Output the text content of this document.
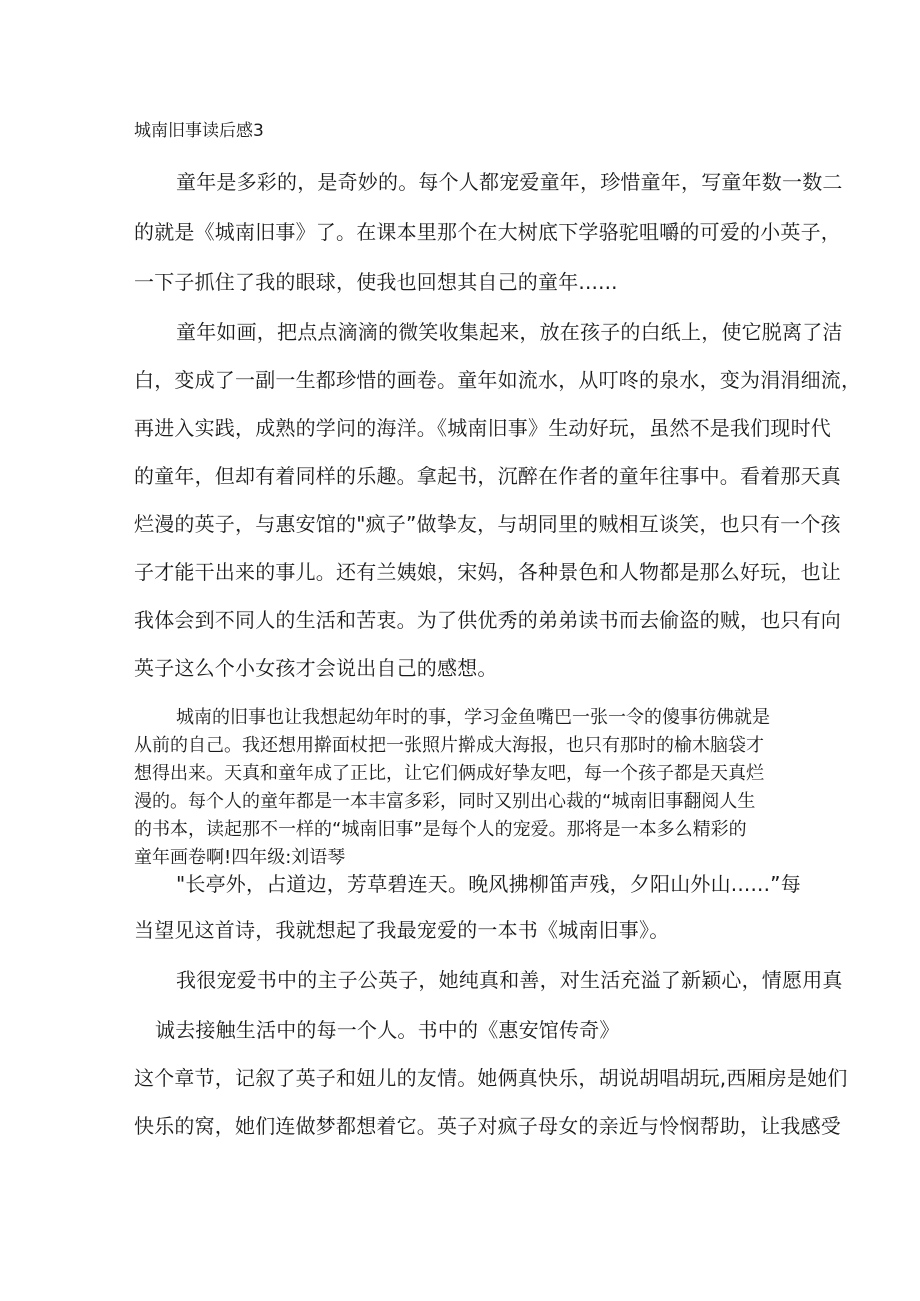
城南旧事读后感3
童年是多彩的，是奇妙的。每个人都宠爱童年，珍惜童年，写童年数一数二
的就是《城南旧事》了。在课本里那个在大树底下学骆驼咀嚼的可爱的小英子，
一下子抓住了我的眼球，使我也回想其自己的童年......
童年如画，把点点滴滴的微笑收集起来，放在孩子的白纸上，使它脱离了洁
白，变成了一副一生都珍惜的画卷。童年如流水，从叮咚的泉水，变为涓涓细流，
再进入实践，成熟的学问的海洋。《城南旧事》生动好玩，虽然不是我们现时代
的童年，但却有着同样的乐趣。拿起书，沉醉在作者的童年往事中。看着那天真
烂漫的英子，与惠安馆的"疯子”做挚友，与胡同里的贼相互谈笑，也只有一个孩
子才能干出来的事儿。还有兰姨娘，宋妈，各种景色和人物都是那么好玩，也让
我体会到不同人的生活和苦衷。为了供优秀的弟弟读书而去偷盗的贼，也只有向
英子这么个小女孩才会说出自己的感想。
城南的旧事也让我想起幼年时的事，学习金鱼嘴巴一张一令的傻事彷佛就是
从前的自己。我还想用擀面杖把一张照片擀成大海报，也只有那时的榆木脑袋才
想得出来。天真和童年成了正比，让它们俩成好挚友吧，每一个孩子都是天真烂
漫的。每个人的童年都是一本丰富多彩，同时又别出心裁的“城南旧事翻阅人生
的书本，读起那不一样的“城南旧事”是每个人的宠爱。那将是一本多么精彩的
童年画卷啊!四年级:刘语琴
"长亭外，占道边，芳草碧连天。晚风拂柳笛声残，夕阳山外山......”每
当望见这首诗，我就想起了我最宠爱的一本书《城南旧事》。
我很宠爱书中的主子公英子，她纯真和善，对生活充溢了新颖心，情愿用真
诚去接触生活中的每一个人。书中的《惠安馆传奇》
这个章节，记叙了英子和妞儿的友情。她俩真快乐，胡说胡唱胡玩,西厢房是她们
快乐的窝，她们连做梦都想着它。英子对疯子母女的亲近与怜悯帮助，让我感受
